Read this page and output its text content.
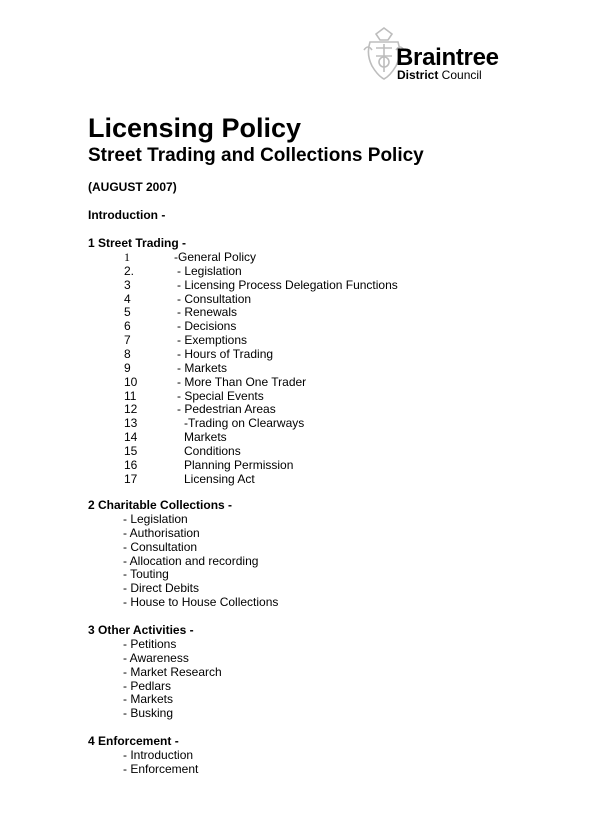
Braintree
District Council
Licensing Policy
Street Trading and Collections Policy
(AUGUST 2007)
Introduction -
1 Street Trading -
1	-General Policy
2.	- Legislation
3	- Licensing Process Delegation Functions
4	- Consultation
5	- Renewals
6	- Decisions
7	- Exemptions
8	- Hours of Trading
9	- Markets
10	- More Than One Trader
11	- Special Events
12	- Pedestrian Areas
13	-Trading on Clearways
14	Markets
15	Conditions
16	Planning Permission
17	Licensing Act
2 Charitable Collections -
- Legislation
- Authorisation
- Consultation
- Allocation and recording
- Touting
- Direct Debits
- House to House Collections
3 Other Activities -
- Petitions
- Awareness
- Market Research
- Pedlars
- Markets
- Busking
4 Enforcement -
- Introduction
- Enforcement
